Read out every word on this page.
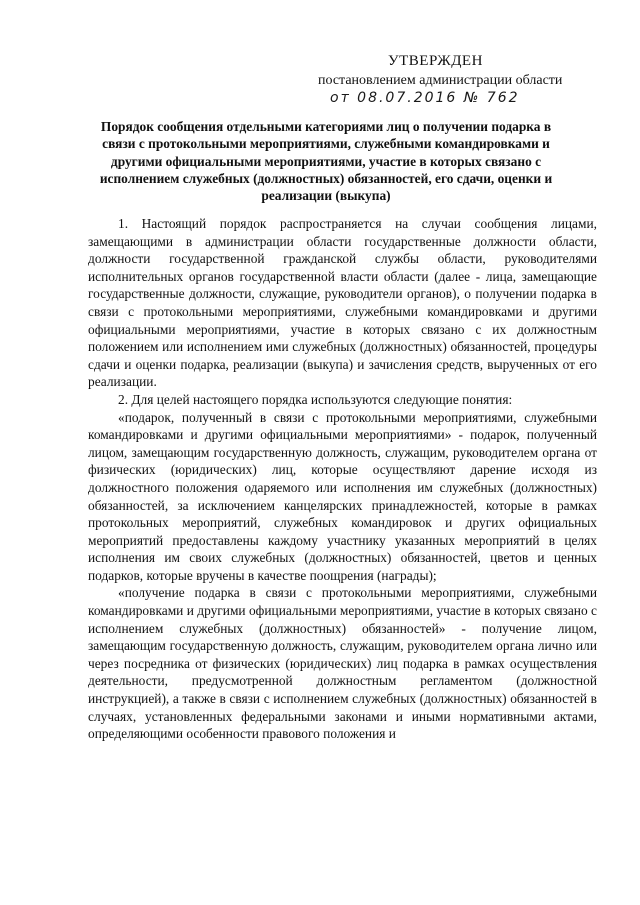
УТВЕРЖДЕН
постановлением администрации области
от 08.07.2016 № 762
Порядок сообщения отдельными категориями лиц о получении подарка в связи с протокольными мероприятиями, служебными командировками и другими официальными мероприятиями, участие в которых связано с исполнением служебных (должностных) обязанностей, его сдачи, оценки и реализации (выкупа)

1. Настоящий порядок распространяется на случаи сообщения лицами, замещающими в администрации области государственные должности области, должности государственной гражданской службы области, руководителями исполнительных органов государственной власти области (далее - лица, замещающие государственные должности, служащие, руководители органов), о получении подарка в связи с протокольными мероприятиями, служебными командировками и другими официальными мероприятиями, участие в которых связано с их должностным положением или исполнением ими служебных (должностных) обязанностей, процедуры сдачи и оценки подарка, реализации (выкупа) и зачисления средств, вырученных от его реализации.

2. Для целей настоящего порядка используются следующие понятия:

«подарок, полученный в связи с протокольными мероприятиями, служебными командировками и другими официальными мероприятиями» - подарок, полученный лицом, замещающим государственную должность, служащим, руководителем органа от физических (юридических) лиц, которые осуществляют дарение исходя из должностного положения одаряемого или исполнения им служебных (должностных) обязанностей, за исключением канцелярских принадлежностей, которые в рамках протокольных мероприятий, служебных командировок и других официальных мероприятий предоставлены каждому участнику указанных мероприятий в целях исполнения им своих служебных (должностных) обязанностей, цветов и ценных подарков, которые вручены в качестве поощрения (награды);

«получение подарка в связи с протокольными мероприятиями, служебными командировками и другими официальными мероприятиями, участие в которых связано с исполнением служебных (должностных) обязанностей» - получение лицом, замещающим государственную должность, служащим, руководителем органа лично или через посредника от физических (юридических) лиц подарка в рамках осуществления деятельности, предусмотренной должностным регламентом (должностной инструкцией), а также в связи с исполнением служебных (должностных) обязанностей в случаях, установленных федеральными законами и иными нормативными актами, определяющими особенности правового положения и
